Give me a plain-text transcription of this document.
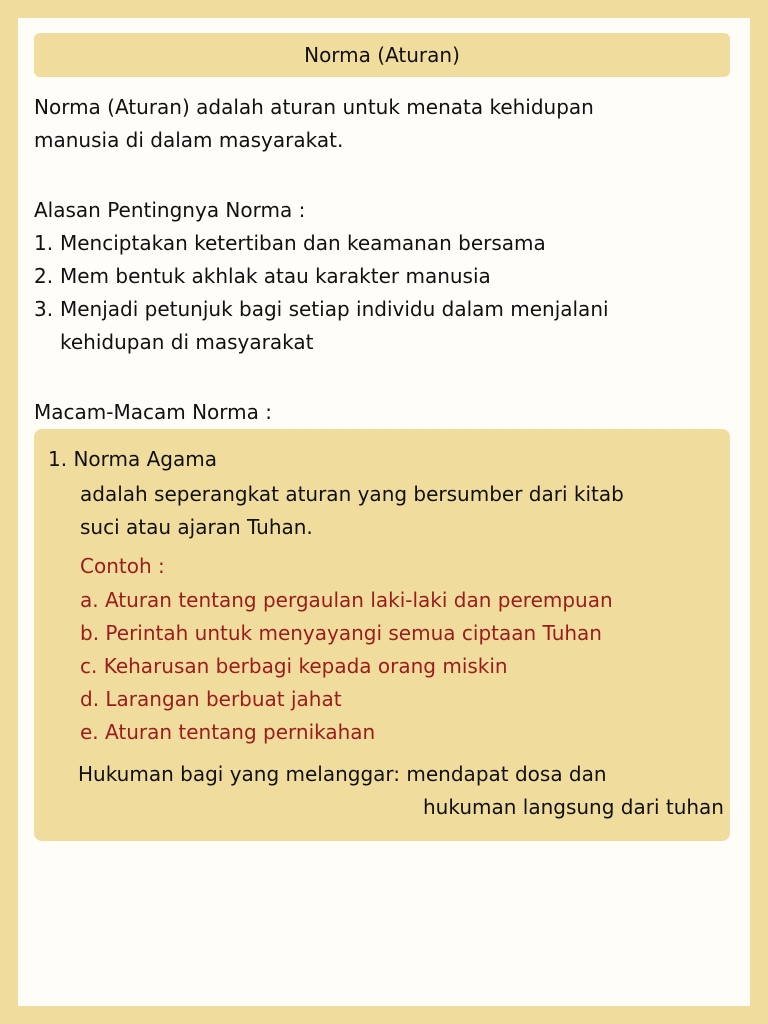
Norma (Aturan)
Norma (Aturan) adalah aturan untuk menata kehidupan
manusia di dalam masyarakat.
Alasan Pentingnya Norma :
1. Menciptakan ketertiban dan keamanan bersama
2. Mem bentuk akhlak atau karakter manusia
3. Menjadi petunjuk bagi setiap individu dalam menjalani
kehidupan di masyarakat
Macam-Macam Norma :
1. Norma Agama
adalah seperangkat aturan yang bersumber dari kitab
suci atau ajaran Tuhan.
Contoh :
a. Aturan tentang pergaulan laki-laki dan perempuan
b. Perintah untuk menyayangi semua ciptaan Tuhan
c. Keharusan berbagi kepada orang miskin
d. Larangan berbuat jahat
e. Aturan tentang pernikahan
Hukuman bagi yang melanggar: mendapat dosa dan
hukuman langsung dari tuhan
